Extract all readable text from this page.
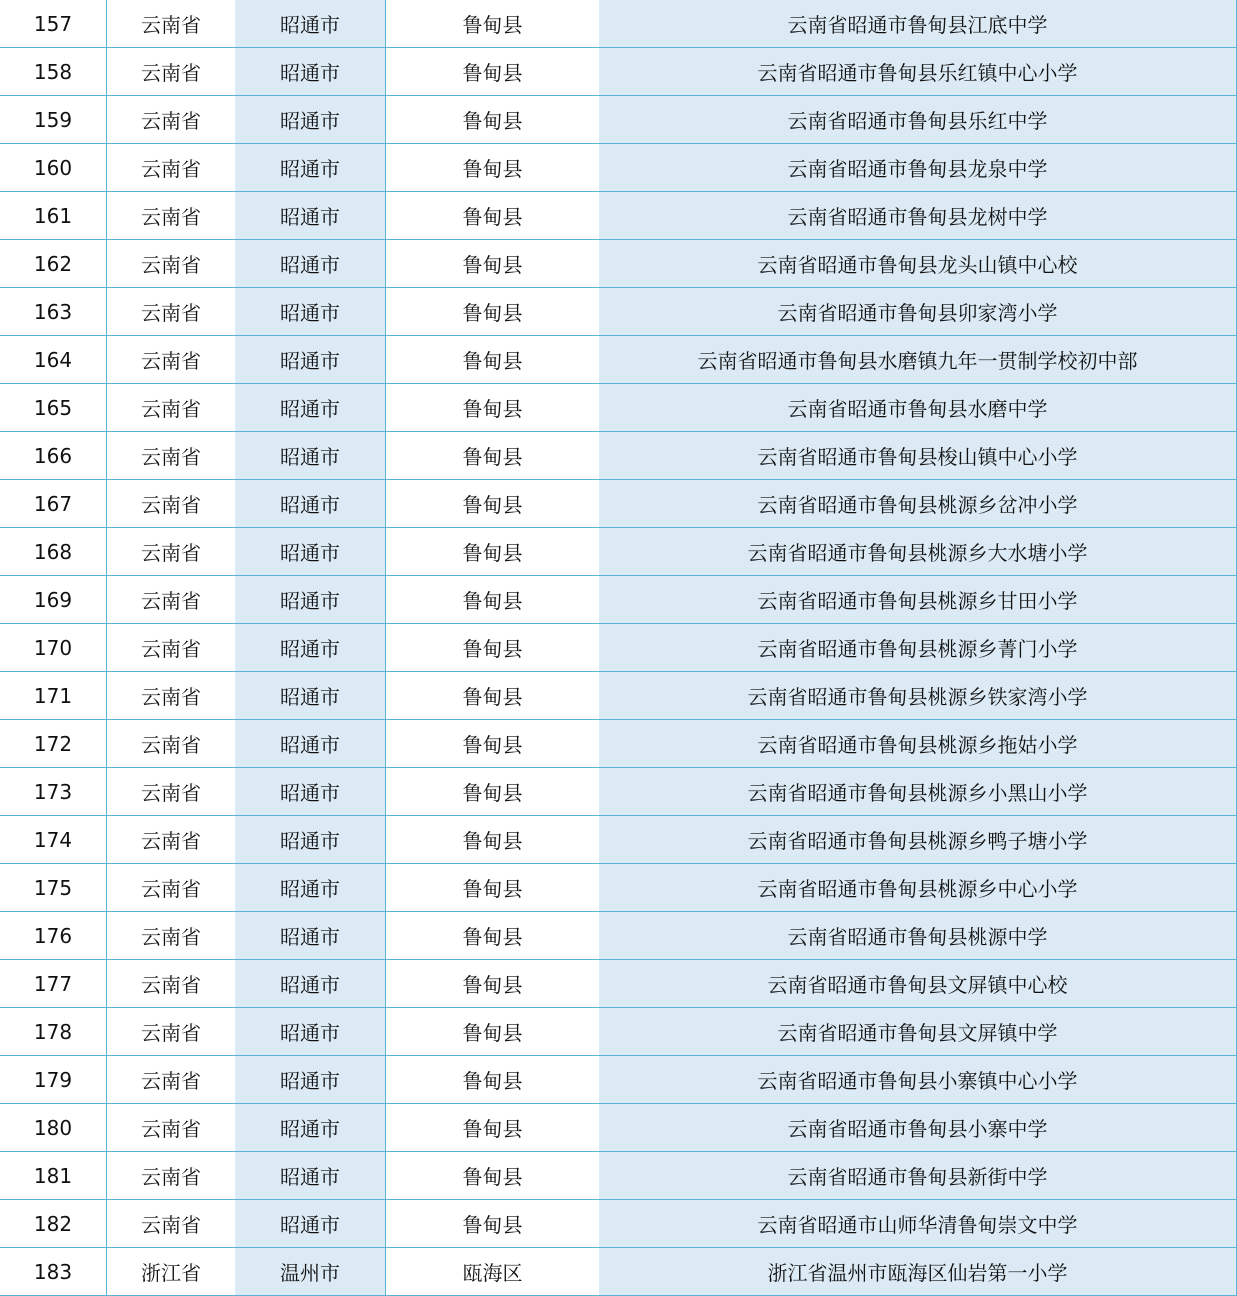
157	云南省	昭通市	鲁甸县	云南省昭通市鲁甸县江底中学
158	云南省	昭通市	鲁甸县	云南省昭通市鲁甸县乐红镇中心小学
159	云南省	昭通市	鲁甸县	云南省昭通市鲁甸县乐红中学
160	云南省	昭通市	鲁甸县	云南省昭通市鲁甸县龙泉中学
161	云南省	昭通市	鲁甸县	云南省昭通市鲁甸县龙树中学
162	云南省	昭通市	鲁甸县	云南省昭通市鲁甸县龙头山镇中心校
163	云南省	昭通市	鲁甸县	云南省昭通市鲁甸县卯家湾小学
164	云南省	昭通市	鲁甸县	云南省昭通市鲁甸县水磨镇九年一贯制学校初中部
165	云南省	昭通市	鲁甸县	云南省昭通市鲁甸县水磨中学
166	云南省	昭通市	鲁甸县	云南省昭通市鲁甸县梭山镇中心小学
167	云南省	昭通市	鲁甸县	云南省昭通市鲁甸县桃源乡岔冲小学
168	云南省	昭通市	鲁甸县	云南省昭通市鲁甸县桃源乡大水塘小学
169	云南省	昭通市	鲁甸县	云南省昭通市鲁甸县桃源乡甘田小学
170	云南省	昭通市	鲁甸县	云南省昭通市鲁甸县桃源乡菁门小学
171	云南省	昭通市	鲁甸县	云南省昭通市鲁甸县桃源乡铁家湾小学
172	云南省	昭通市	鲁甸县	云南省昭通市鲁甸县桃源乡拖姑小学
173	云南省	昭通市	鲁甸县	云南省昭通市鲁甸县桃源乡小黑山小学
174	云南省	昭通市	鲁甸县	云南省昭通市鲁甸县桃源乡鸭子塘小学
175	云南省	昭通市	鲁甸县	云南省昭通市鲁甸县桃源乡中心小学
176	云南省	昭通市	鲁甸县	云南省昭通市鲁甸县桃源中学
177	云南省	昭通市	鲁甸县	云南省昭通市鲁甸县文屏镇中心校
178	云南省	昭通市	鲁甸县	云南省昭通市鲁甸县文屏镇中学
179	云南省	昭通市	鲁甸县	云南省昭通市鲁甸县小寨镇中心小学
180	云南省	昭通市	鲁甸县	云南省昭通市鲁甸县小寨中学
181	云南省	昭通市	鲁甸县	云南省昭通市鲁甸县新街中学
182	云南省	昭通市	鲁甸县	云南省昭通市山师华清鲁甸崇文中学
183	浙江省	温州市	瓯海区	浙江省温州市瓯海区仙岩第一小学
